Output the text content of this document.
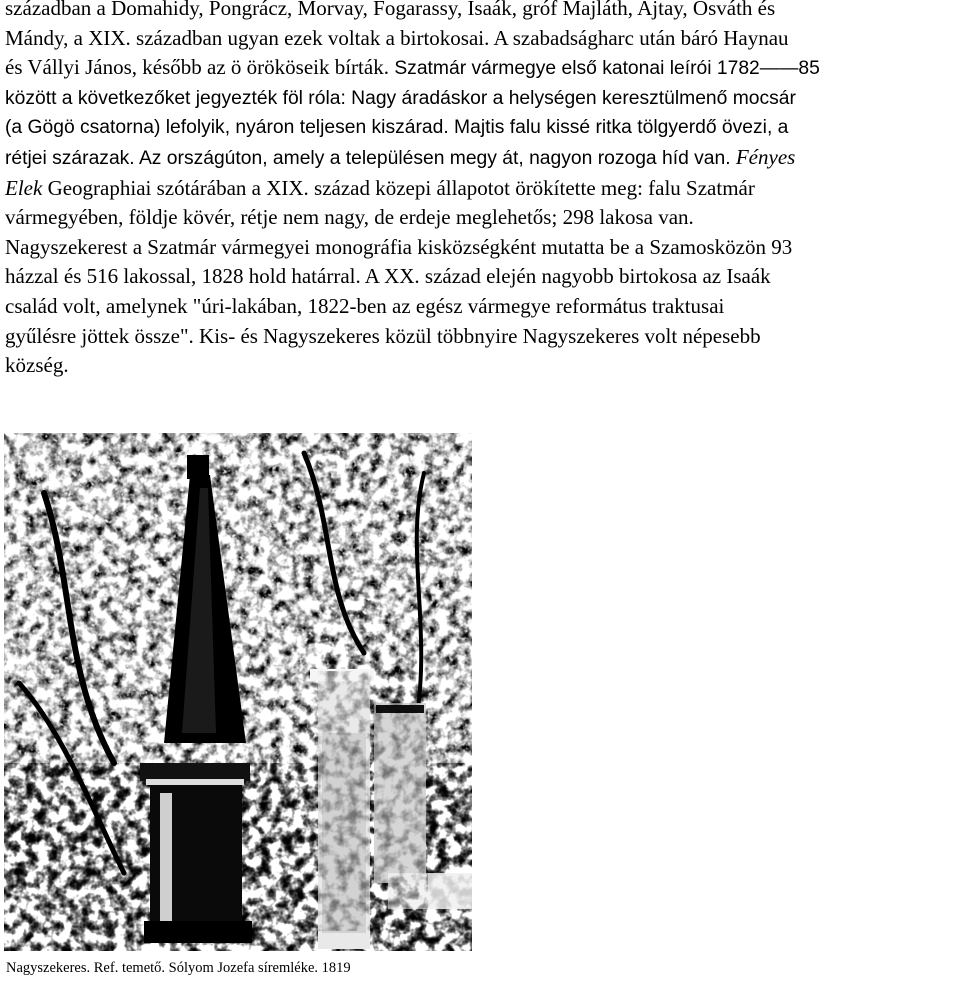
században a Domahidy, Pongrácz, Morvay, Fogarassy, Isaák, gróf Majláth, Ajtay, Osváth és
Mándy, a XIX. században ugyan ezek voltak a birtokosai. A szabadságharc után báró Haynau
és Vállyi János, később az ö örököseik bírták. Szatmár vármegye első katonai leírói 1782——85
között a következőket jegyezték föl róla: Nagy áradáskor a helységen keresztülmenő mocsár
(a Gögö csatorna) lefolyik, nyáron teljesen kiszárad. Majtis falu kissé ritka tölgyerdő övezi, a
rétjei szárazak. Az országúton, amely a településen megy át, nagyon rozoga híd van. Fényes
Elek Geographiai szótárában a XIX. század közepi állapotot örökítette meg: falu Szatmár
vármegyében, földje kövér, rétje nem nagy, de erdeje meglehetős; 298 lakosa van.
Nagyszekerest a Szatmár vármegyei monográfia kisközségként mutatta be a Szamosközön 93
házzal és 516 lakossal, 1828 hold határral. A XX. század elején nagyobb birtokosa az Isaák
család volt, amelynek "úri-lakában, 1822-ben az egész vármegye református traktusai
gyűlésre jöttek össze". Kis- és Nagyszekeres közül többnyire Nagyszekeres volt népesebb
község.
Nagyszekeres. Ref. temető. Sólyom Jozefa síremléke. 1819
